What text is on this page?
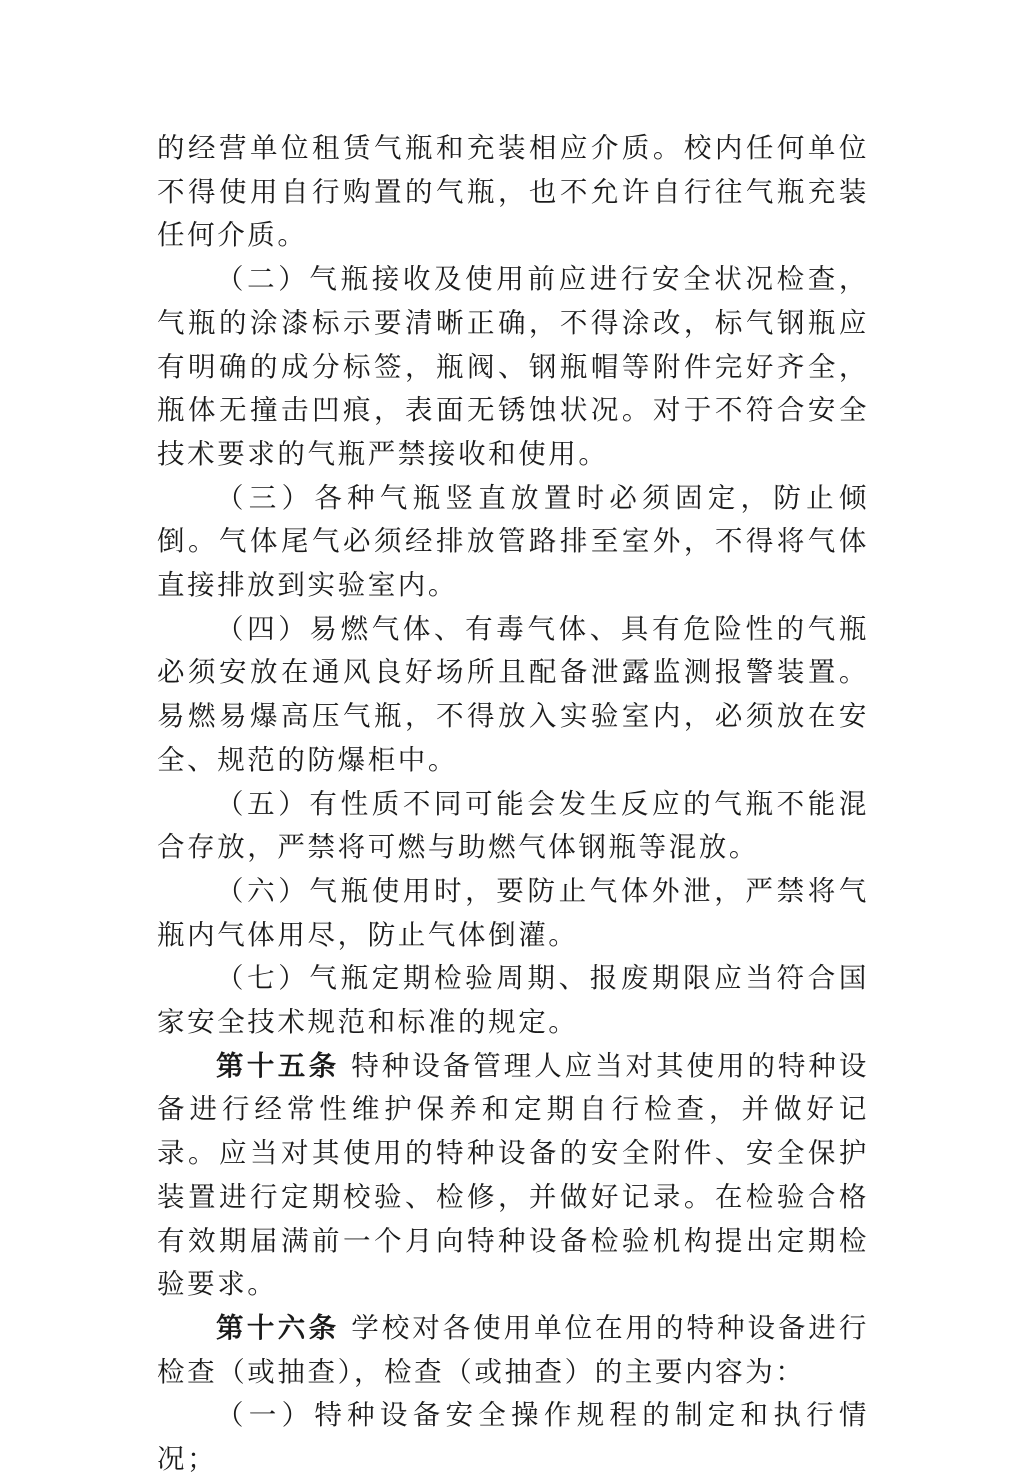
的经营单位租赁气瓶和充装相应介质。校内任何单位不得使用自行购置的气瓶，也不允许自行往气瓶充装任何介质。

（二）气瓶接收及使用前应进行安全状况检查，气瓶的涂漆标示要清晰正确，不得涂改，标气钢瓶应有明确的成分标签，瓶阀、钢瓶帽等附件完好齐全，瓶体无撞击凹痕，表面无锈蚀状况。对于不符合安全技术要求的气瓶严禁接收和使用。

（三）各种气瓶竖直放置时必须固定，防止倾倒。气体尾气必须经排放管路排至室外，不得将气体直接排放到实验室内。

（四）易燃气体、有毒气体、具有危险性的气瓶必须安放在通风良好场所且配备泄露监测报警装置。易燃易爆高压气瓶，不得放入实验室内，必须放在安全、规范的防爆柜中。

（五）有性质不同可能会发生反应的气瓶不能混合存放，严禁将可燃与助燃气体钢瓶等混放。

（六）气瓶使用时，要防止气体外泄，严禁将气瓶内气体用尽，防止气体倒灌。

（七）气瓶定期检验周期、报废期限应当符合国家安全技术规范和标准的规定。

第十五条 特种设备管理人应当对其使用的特种设备进行经常性维护保养和定期自行检查，并做好记录。应当对其使用的特种设备的安全附件、安全保护装置进行定期校验、检修，并做好记录。在检验合格有效期届满前一个月向特种设备检验机构提出定期检验要求。

第十六条 学校对各使用单位在用的特种设备进行检查（或抽查），检查（或抽查）的主要内容为：

（一）特种设备安全操作规程的制定和执行情况；
